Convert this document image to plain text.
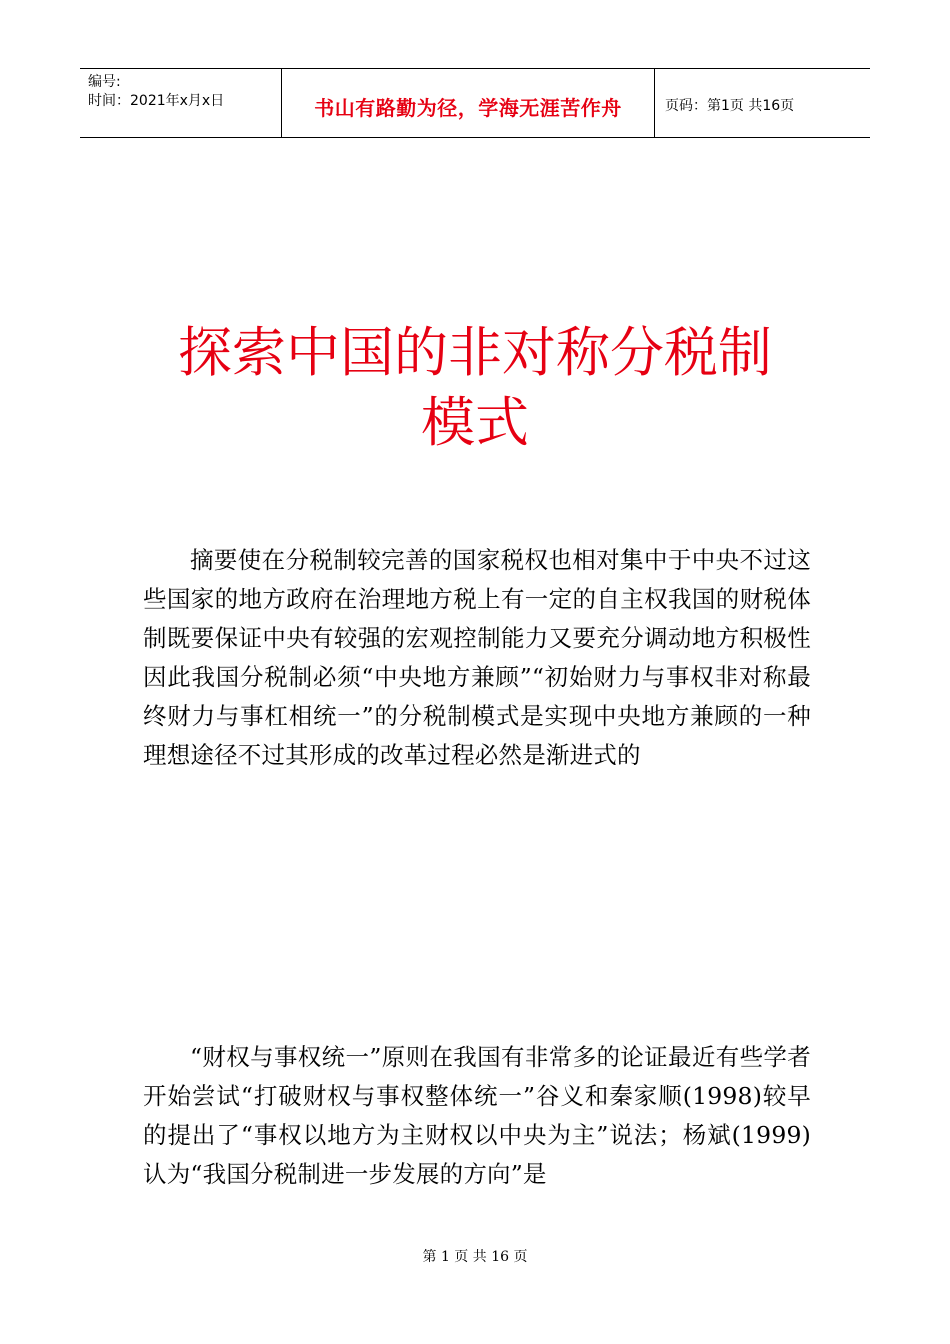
编号:
时间：2021年x月x日	书山有路勤为径，学海无涯苦作舟	页码：第1页 共16页
探索中国的非对称分税制
模式

摘要使在分税制较完善的国家税权也相对集中于中央不过这些国家的地方政府在治理地方税上有一定的自主权我国的财税体制既要保证中央有较强的宏观控制能力又要充分调动地方积极性因此我国分税制必须“中央地方兼顾”“初始财力与事权非对称最终财力与事杠相统一”的分税制模式是实现中央地方兼顾的一种理想途径不过其形成的改革过程必然是渐进式的

“财权与事权统一”原则在我国有非常多的论证最近有些学者开始尝试“打破财权与事权整体统一”谷义和秦家顺(1998)较早的提出了“事权以地方为主财权以中央为主”说法；杨斌(1999)认为“我国分税制进一步发展的方向”是

第 1 页 共 16 页
